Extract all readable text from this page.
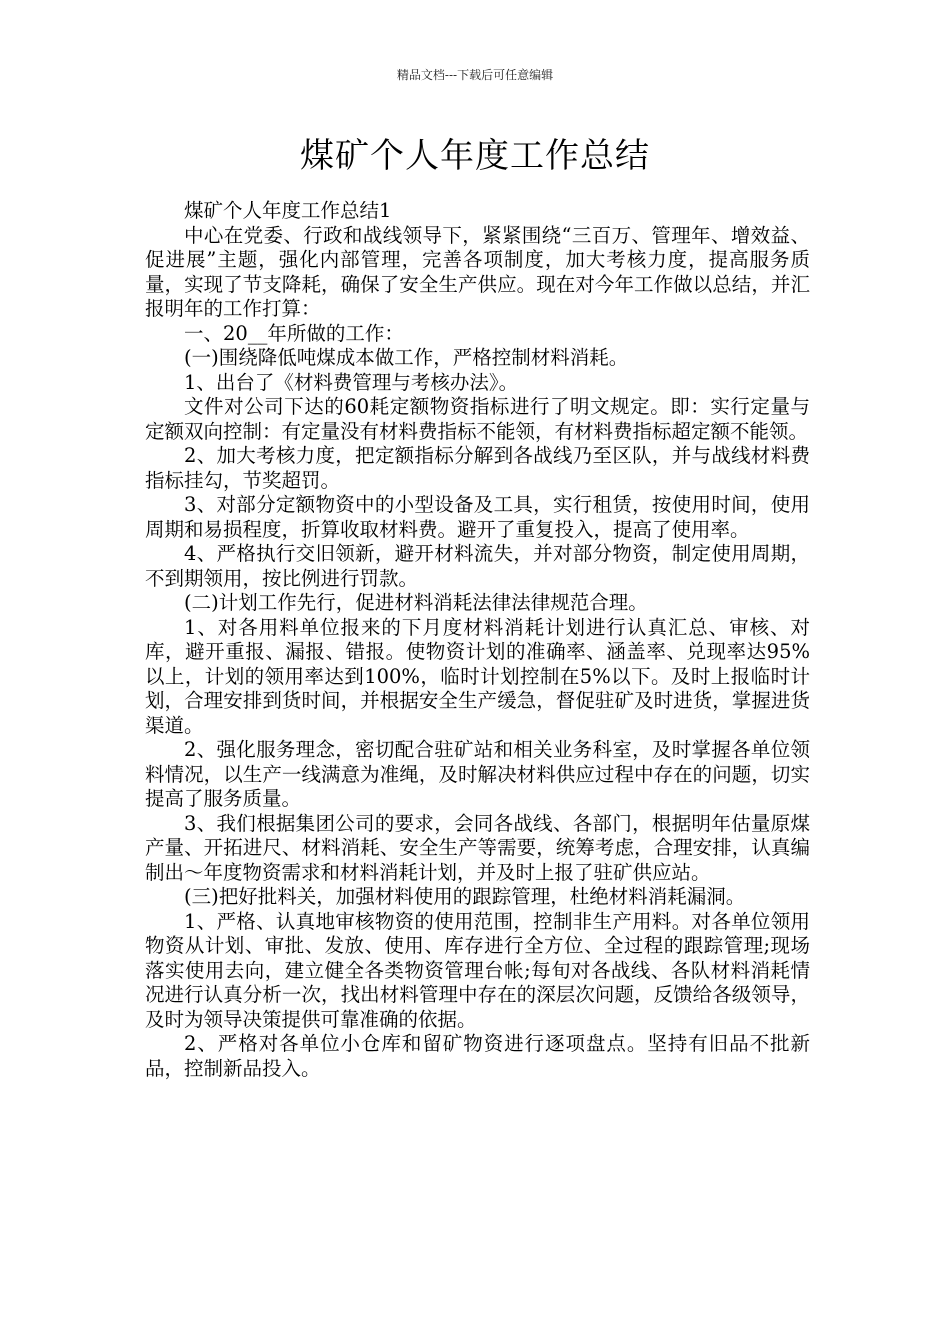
精品文档---下载后可任意编辑
煤矿个人年度工作总结

煤矿个人年度工作总结1

中心在党委、行政和战线领导下，紧紧围绕“三百万、管理年、增效益、促进展”主题，强化内部管理，完善各项制度，加大考核力度，提高服务质量，实现了节支降耗，确保了安全生产供应。现在对今年工作做以总结，并汇报明年的工作打算：

一、20__年所做的工作：

(一)围绕降低吨煤成本做工作，严格控制材料消耗。

1、出台了《材料费管理与考核办法》。

文件对公司下达的60耗定额物资指标进行了明文规定。即：实行定量与定额双向控制：有定量没有材料费指标不能领，有材料费指标超定额不能领。

2、加大考核力度，把定额指标分解到各战线乃至区队，并与战线材料费指标挂勾，节奖超罚。

3、对部分定额物资中的小型设备及工具，实行租赁，按使用时间，使用周期和易损程度，折算收取材料费。避开了重复投入，提高了使用率。

4、严格执行交旧领新，避开材料流失，并对部分物资，制定使用周期，不到期领用，按比例进行罚款。

(二)计划工作先行，促进材料消耗法律法律规范合理。

1、对各用料单位报来的下月度材料消耗计划进行认真汇总、审核、对库，避开重报、漏报、错报。使物资计划的准确率、涵盖率、兑现率达95%以上，计划的领用率达到100%，临时计划控制在5%以下。及时上报临时计划，合理安排到货时间，并根据安全生产缓急，督促驻矿及时进货，掌握进货渠道。

2、强化服务理念，密切配合驻矿站和相关业务科室，及时掌握各单位领料情况，以生产一线满意为准绳，及时解决材料供应过程中存在的问题，切实提高了服务质量。

3、我们根据集团公司的要求，会同各战线、各部门，根据明年估量原煤产量、开拓进尺、材料消耗、安全生产等需要，统筹考虑，合理安排，认真编制出～年度物资需求和材料消耗计划，并及时上报了驻矿供应站。

(三)把好批料关，加强材料使用的跟踪管理，杜绝材料消耗漏洞。

1、严格、认真地审核物资的使用范围，控制非生产用料。对各单位领用物资从计划、审批、发放、使用、库存进行全方位、全过程的跟踪管理;现场落实使用去向，建立健全各类物资管理台帐;每旬对各战线、各队材料消耗情况进行认真分析一次，找出材料管理中存在的深层次问题，反馈给各级领导，及时为领导决策提供可靠准确的依据。

2、严格对各单位小仓库和留矿物资进行逐项盘点。坚持有旧品不批新品，控制新品投入。
